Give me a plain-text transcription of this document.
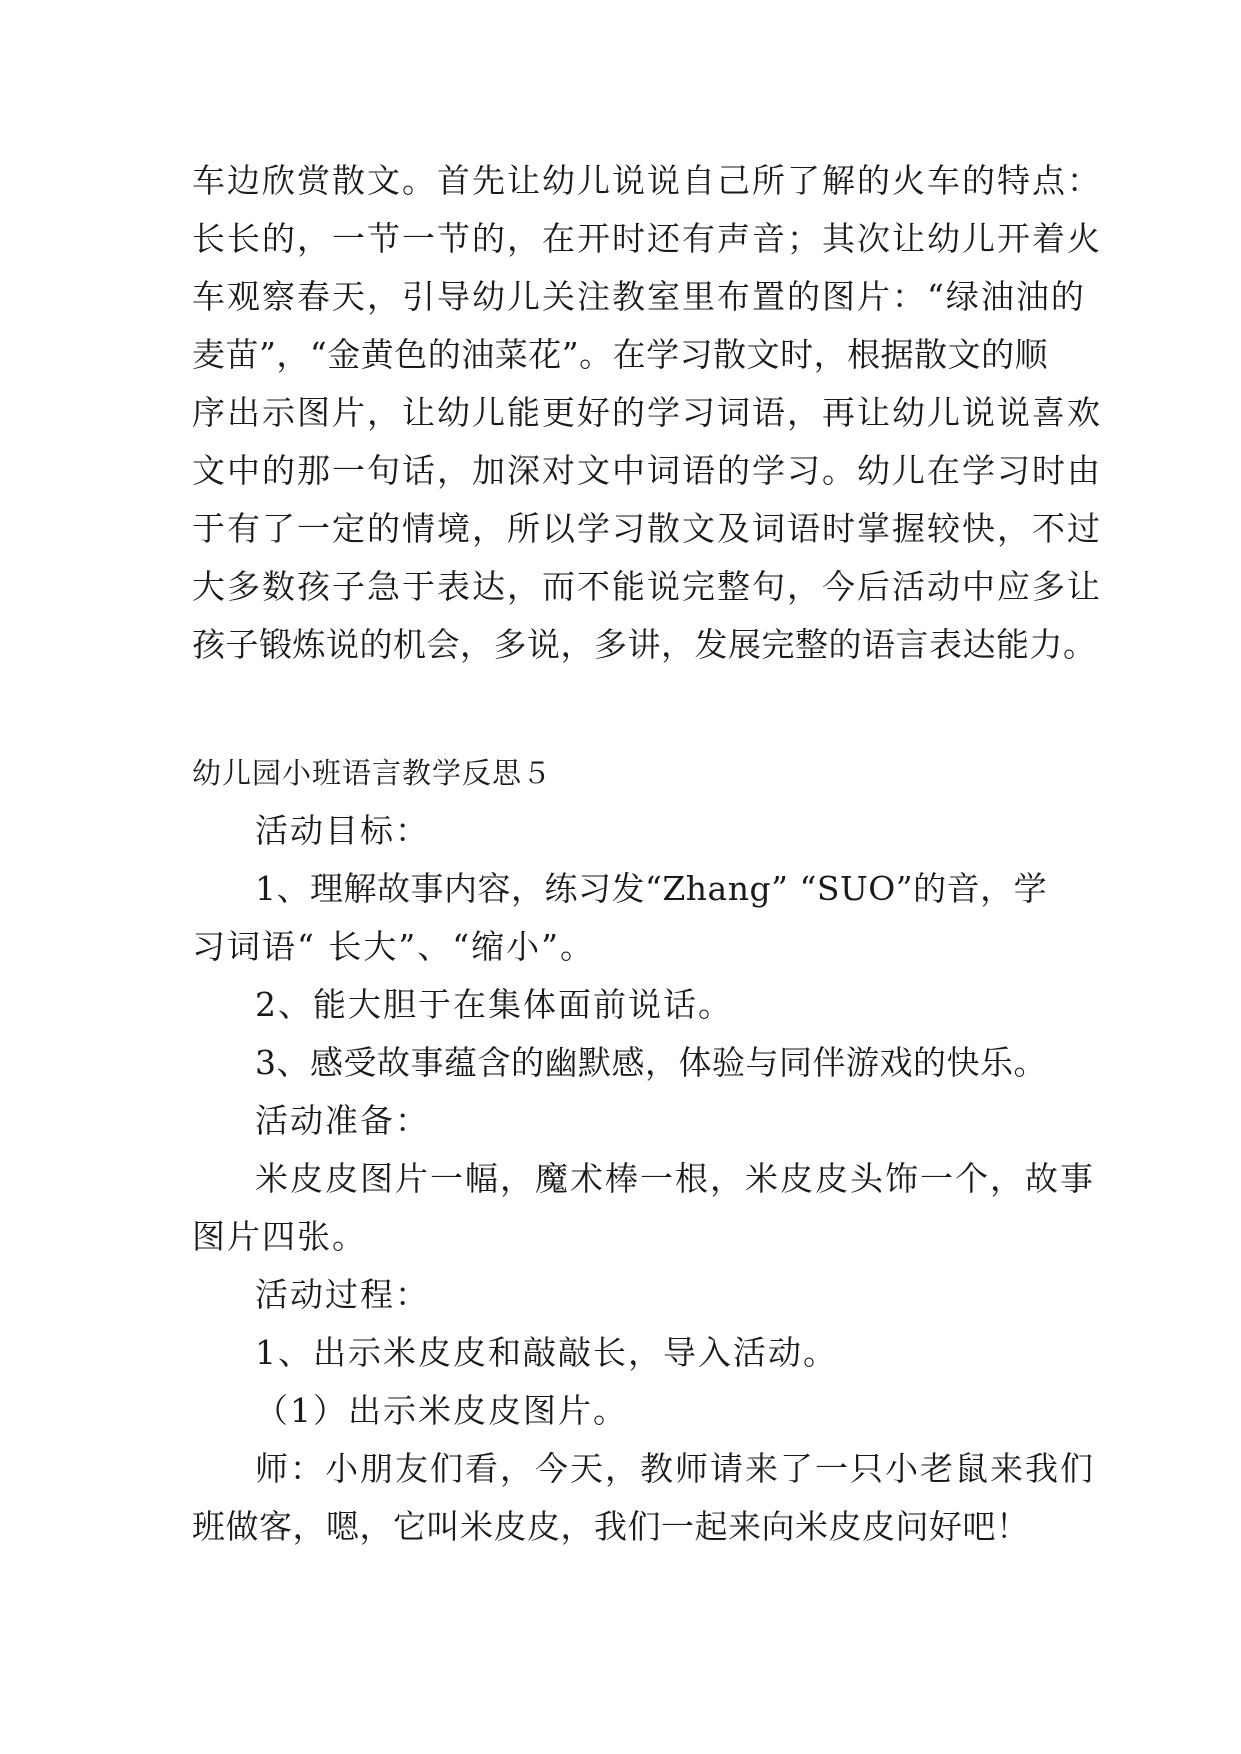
车边欣赏散文。首先让幼儿说说自己所了解的火车的特点：
长长的，一节一节的，在开时还有声音；其次让幼儿开着火
车观察春天，引导幼儿关注教室里布置的图片：“绿油油的
麦苗”，“金黄色的油菜花”。在学习散文时，根据散文的顺
序出示图片，让幼儿能更好的学习词语，再让幼儿说说喜欢
文中的那一句话，加深对文中词语的学习。幼儿在学习时由
于有了一定的情境，所以学习散文及词语时掌握较快，不过
大多数孩子急于表达，而不能说完整句，今后活动中应多让
孩子锻炼说的机会，多说，多讲，发展完整的语言表达能力。
幼儿园小班语言教学反思５
活动目标：
1、理解故事内容，练习发“Zhang” “SUO”的音，学
习词语“ 长大”、“缩小”。
2、能大胆于在集体面前说话。
3、感受故事蕴含的幽默感，体验与同伴游戏的快乐。
活动准备：
米皮皮图片一幅，魔术棒一根，米皮皮头饰一个，故事
图片四张。
活动过程：
1、出示米皮皮和敲敲长，导入活动。
（1）出示米皮皮图片。
师：小朋友们看，今天，教师请来了一只小老鼠来我们
班做客，嗯，它叫米皮皮，我们一起来向米皮皮问好吧！
